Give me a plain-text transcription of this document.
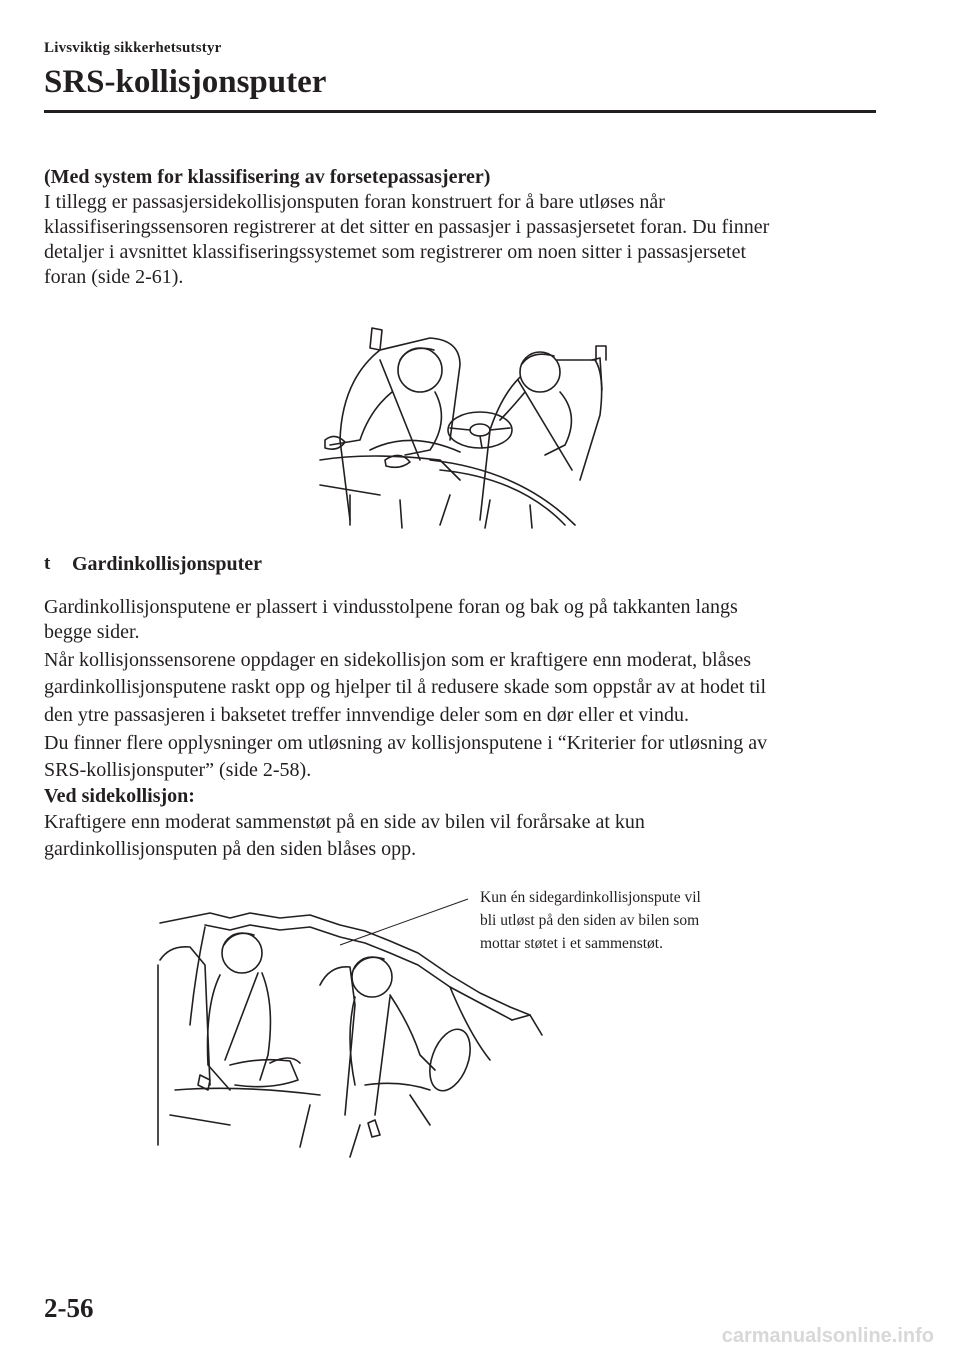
Livsviktig sikkerhetsutstyr
SRS-kollisjonsputer

(Med system for klassifisering av forsetepassasjerer)

I tillegg er passasjersidekollisjonsputen foran konstruert for å bare utløses når

klassifiseringssensoren registrerer at det sitter en passasjer i passasjersetet foran. Du finner

detaljer i avsnittet klassifiseringssystemet som registrerer om noen sitter i passasjersetet

foran (side 2-61).

t	Gardinkollisjonsputer

Gardinkollisjonsputene er plassert i vindusstolpene foran og bak og på takkanten langs

begge sider.

Når kollisjonssensorene oppdager en sidekollisjon som er kraftigere enn moderat, blåses

gardinkollisjonsputene raskt opp og hjelper til å redusere skade som oppstår av at hodet til

den ytre passasjeren i baksetet treffer innvendige deler som en dør eller et vindu.

Du finner flere opplysninger om utløsning av kollisjonsputene i “Kriterier for utløsning av

SRS-kollisjonsputer” (side 2-58).

Ved sidekollisjon:

Kraftigere enn moderat sammenstøt på en side av bilen vil forårsake at kun

gardinkollisjonsputen på den siden blåses opp.

Kun én sidegardinkollisjonspute vil

bli utløst på den siden av bilen som

mottar støtet i et sammenstøt.

2-56
carmanualsonline.info
